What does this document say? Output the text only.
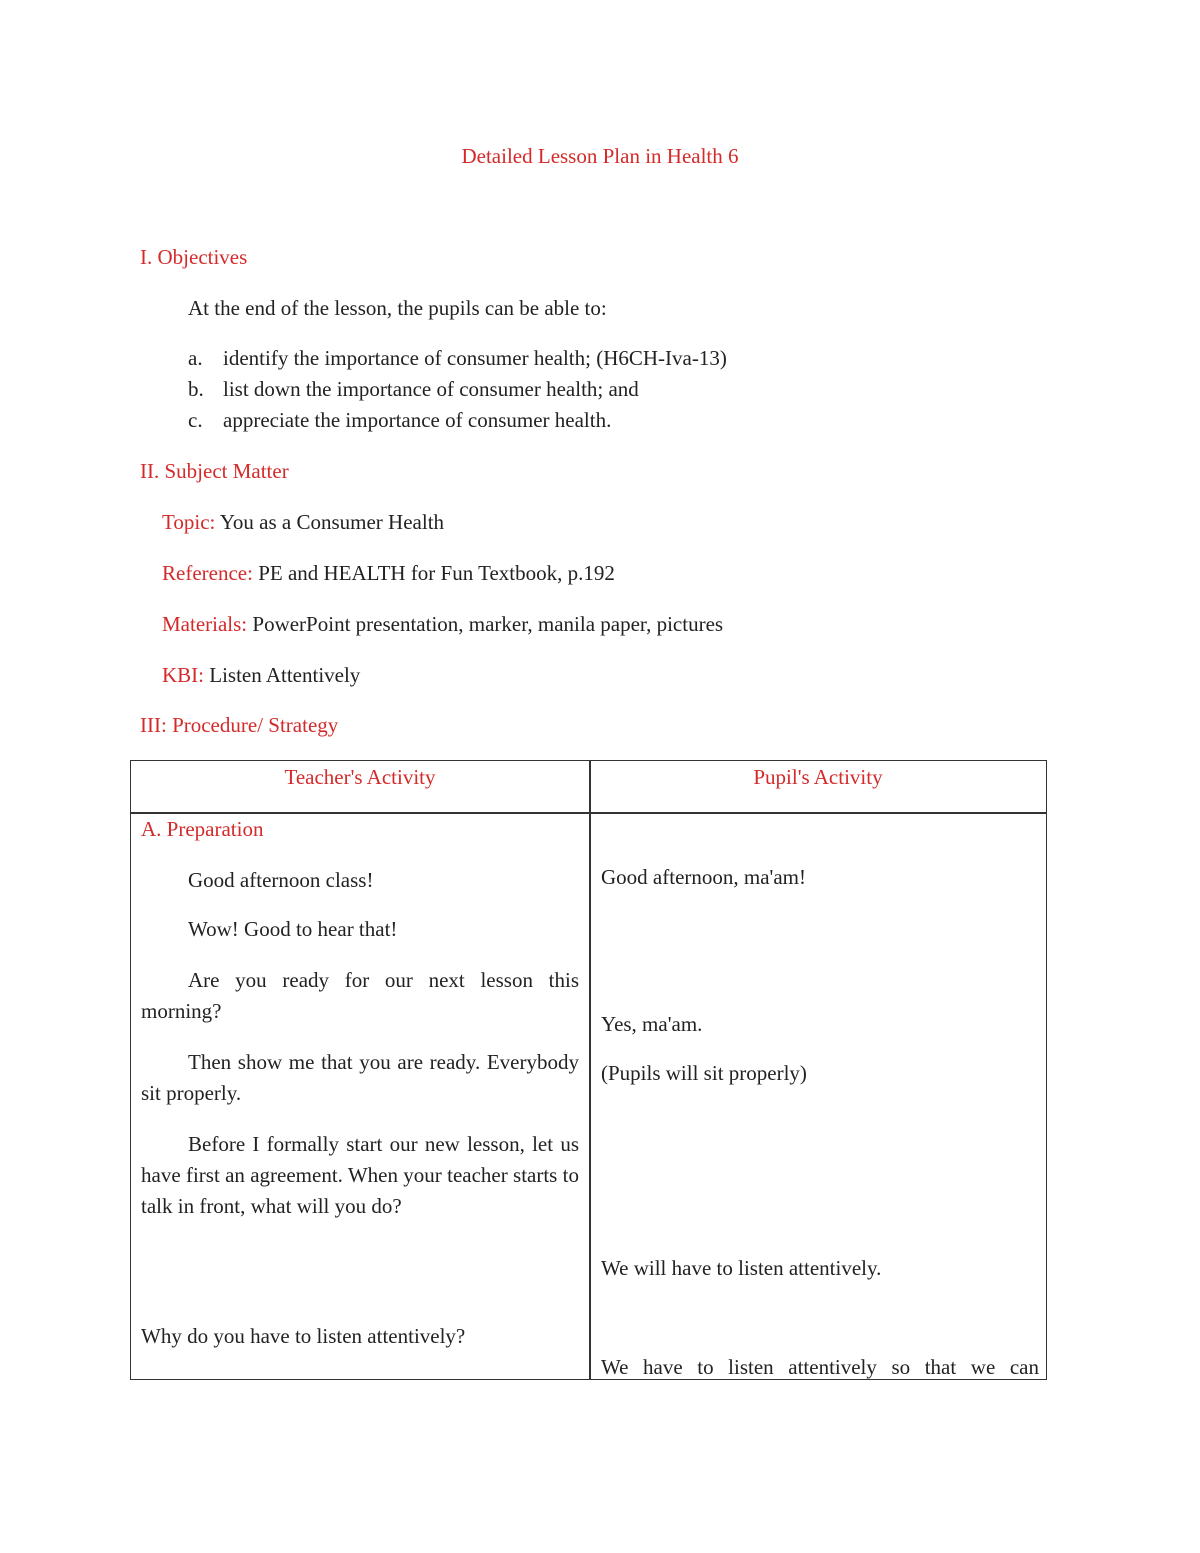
Detailed Lesson Plan in Health 6
I. Objectives
At the end of the lesson, the pupils can be able to:
a. identify the importance of consumer health; (H6CH-Iva-13)
b. list down the importance of consumer health; and
c. appreciate the importance of consumer health.
II. Subject Matter
Topic: You as a Consumer Health
Reference: PE and HEALTH for Fun Textbook, p.192
Materials: PowerPoint presentation, marker, manila paper, pictures
KBI: Listen Attentively
III: Procedure/ Strategy
Teacher's Activity	Pupil's Activity
A. Preparation
Good afternoon class!
Wow! Good to hear that!
Are you ready for our next lesson this morning?
Then show me that you are ready. Everybody sit properly.
Before I formally start our new lesson, let us have first an agreement. When your teacher starts to talk in front, what will you do?
Why do you have to listen attentively?
Good afternoon, ma'am!
Yes, ma'am.
(Pupils will sit properly)
We will have to listen attentively.
We have to listen attentively so that we can
